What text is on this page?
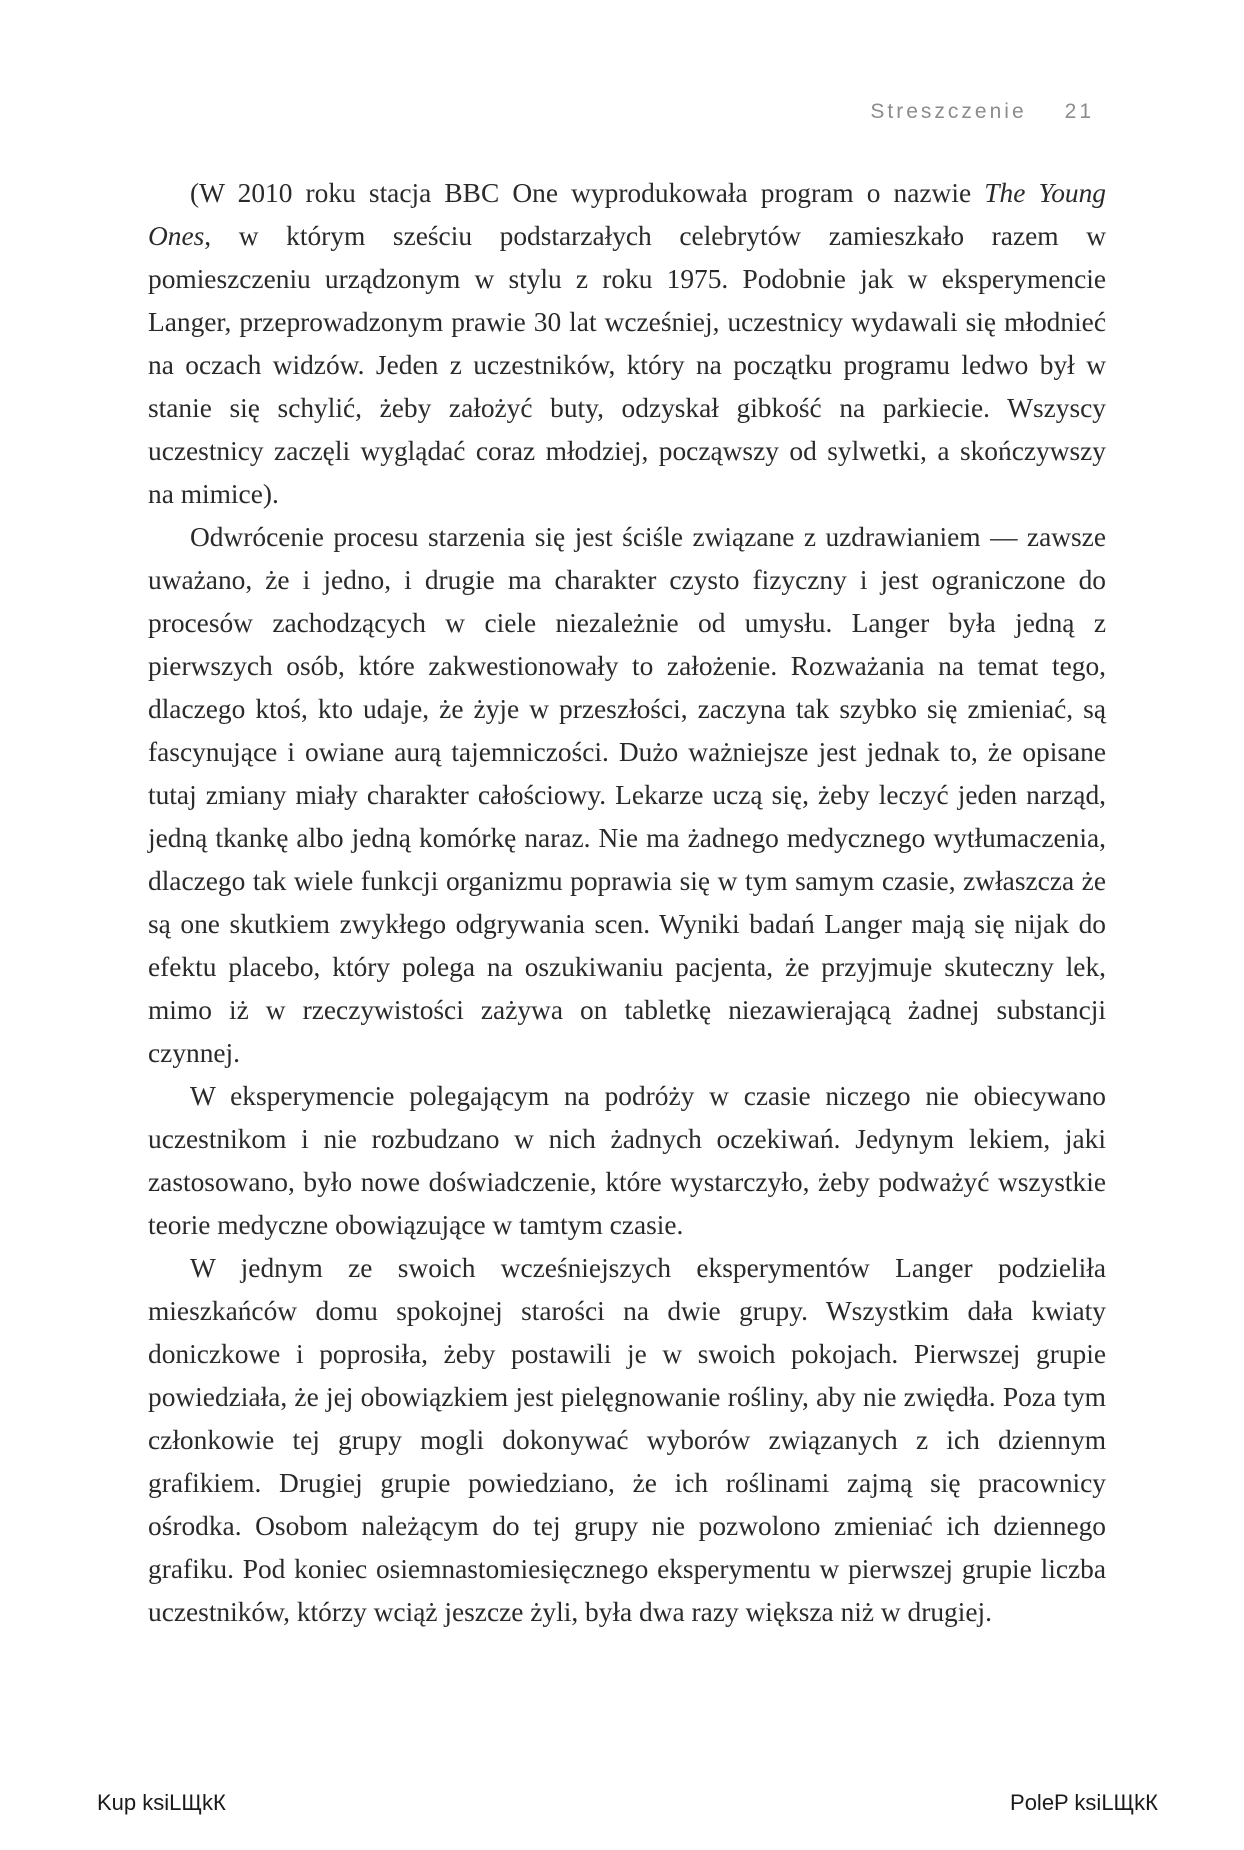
Streszczenie 21

(W 2010 roku stacja BBC One wyprodukowała program o nazwie The Young Ones, w którym sześciu podstarzałych celebrytów zamieszkało razem w pomieszczeniu urządzonym w stylu z roku 1975. Podobnie jak w eksperymencie Langer, przeprowadzonym prawie 30 lat wcześniej, uczestnicy wydawali się młodnieć na oczach widzów. Jeden z uczestników, który na początku programu ledwo był w stanie się schylić, żeby założyć buty, odzyskał gibkość na parkiecie. Wszyscy uczestnicy zaczęli wyglądać coraz młodziej, począwszy od sylwetki, a skończywszy na mimice).

Odwrócenie procesu starzenia się jest ściśle związane z uzdrawianiem — zawsze uważano, że i jedno, i drugie ma charakter czysto fizyczny i jest ograniczone do procesów zachodzących w ciele niezależnie od umysłu. Langer była jedną z pierwszych osób, które zakwestionowały to założenie. Rozważania na temat tego, dlaczego ktoś, kto udaje, że żyje w przeszłości, zaczyna tak szybko się zmieniać, są fascynujące i owiane aurą tajemniczości. Dużo ważniejsze jest jednak to, że opisane tutaj zmiany miały charakter całościowy. Lekarze uczą się, żeby leczyć jeden narząd, jedną tkankę albo jedną komórkę naraz. Nie ma żadnego medycznego wytłumaczenia, dlaczego tak wiele funkcji organizmu poprawia się w tym samym czasie, zwłaszcza że są one skutkiem zwykłego odgrywania scen. Wyniki badań Langer mają się nijak do efektu placebo, który polega na oszukiwaniu pacjenta, że przyjmuje skuteczny lek, mimo iż w rzeczywistości zażywa on tabletkę niezawierającą żadnej substancji czynnej.

W eksperymencie polegającym na podróży w czasie niczego nie obiecywano uczestnikom i nie rozbudzano w nich żadnych oczekiwań. Jedynym lekiem, jaki zastosowano, było nowe doświadczenie, które wystarczyło, żeby podważyć wszystkie teorie medyczne obowiązujące w tamtym czasie.

W jednym ze swoich wcześniejszych eksperymentów Langer podzieliła mieszkańców domu spokojnej starości na dwie grupy. Wszystkim dała kwiaty doniczkowe i poprosiła, żeby postawili je w swoich pokojach. Pierwszej grupie powiedziała, że jej obowiązkiem jest pielęgnowanie rośliny, aby nie zwiędła. Poza tym członkowie tej grupy mogli dokonywać wyborów związanych z ich dziennym grafikiem. Drugiej grupie powiedziano, że ich roślinami zajmą się pracownicy ośrodka. Osobom należącym do tej grupy nie pozwolono zmieniać ich dziennego grafiku. Pod koniec osiemnastomiesięcznego eksperymentu w pierwszej grupie liczba uczestników, którzy wciąż jeszcze żyli, była dwa razy większa niż w drugiej.

Kup ksiLЩkК	PoleP ksiLЩkК
